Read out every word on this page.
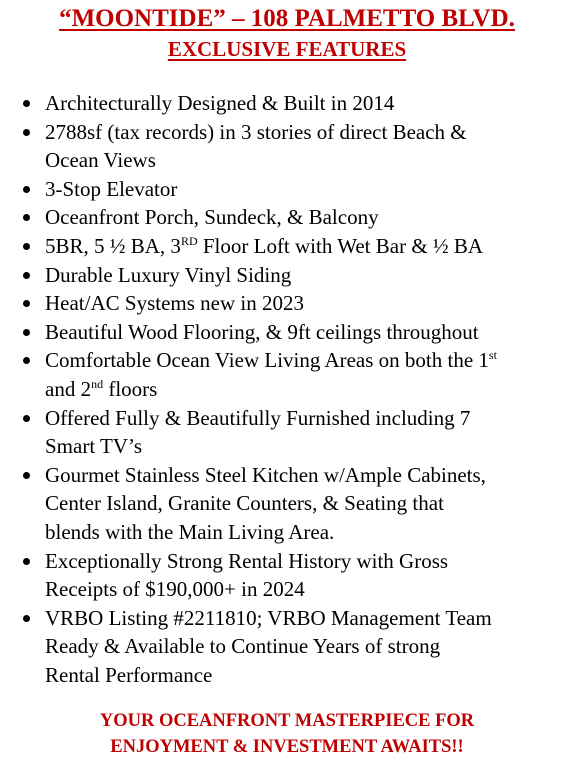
“MOONTIDE” – 108 PALMETTO BLVD.
EXCLUSIVE FEATURES
Architecturally Designed & Built in 2014
2788sf (tax records) in 3 stories of direct Beach &
Ocean Views
3-Stop Elevator
Oceanfront Porch, Sundeck, & Balcony
5BR, 5 ½ BA, 3RD Floor Loft with Wet Bar & ½ BA
Durable Luxury Vinyl Siding
Heat/AC Systems new in 2023
Beautiful Wood Flooring, & 9ft ceilings throughout
Comfortable Ocean View Living Areas on both the 1st
and 2nd floors
Offered Fully & Beautifully Furnished including 7
Smart TV’s
Gourmet Stainless Steel Kitchen w/Ample Cabinets,
Center Island, Granite Counters, & Seating that
blends with the Main Living Area.
Exceptionally Strong Rental History with Gross
Receipts of $190,000+ in 2024
VRBO Listing #2211810; VRBO Management Team
Ready & Available to Continue Years of strong
Rental Performance
YOUR OCEANFRONT MASTERPIECE FOR
ENJOYMENT & INVESTMENT AWAITS!!
